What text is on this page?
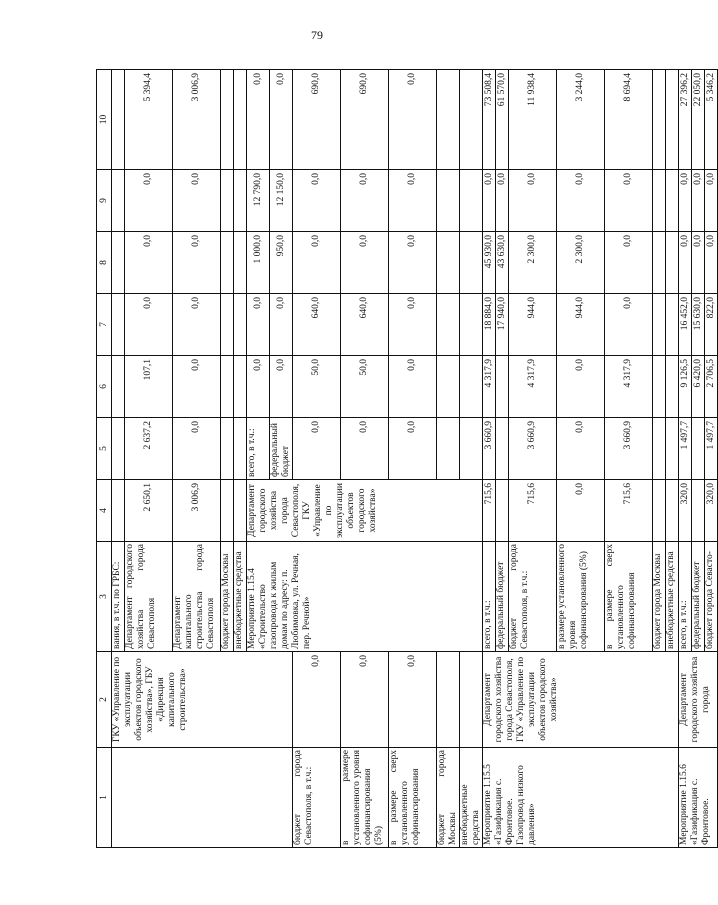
79
1	2	3	4	5	6	7	8	9	10	
	ГКУ «Управление по эксплуатации объектов городского хозяйства», ГБУ «Дирекция капитального строительства»	вания, в т.ч. по ГРБС:								
		Департамент городского хозяйства города Севастополя	2 650,1	2 637,2	107,1	0,0	0,0	0,0	5 394,4	
		Департамент капитального строительства города Севастополя	3 006,9	0,0	0,0	0,0	0,0	0,0	3 006,9	
		бюджет города Москвы								
		внебюджетные средства								
		Мероприятие 1.15.4 «Строительство газопровода к жилым домам по адресу: п. Любимовка, ул. Речная, пер. Речной»	Департамент городского хозяйства города Севастополя, ГКУ «Управление по эксплуатации объектов городского хозяйства»	всего, в т.ч.:	0,0	0,0	1 000,0	12 790,0	0,0		
				федеральный бюджет	0,0	0,0	950,0	12 150,0	0,0		
бюджет города Севастополя, в т.ч.:	0,0			0,0	50,0	640,0	0,0	0,0	690,0	
в размере установленного уровня софинансирования (5%)	0,0			0,0	50,0	640,0	0,0	0,0	690,0	
в размере сверх установленного софинансирования	0,0			0,0	0,0	0,0	0,0	0,0	0,0	
бюджет города Москвы										
внебюджетные средства										
Мероприятие 1.15.5 «Газификация с. Фронтовое. Газопровод низкого давления»	Департамент городского хозяйства города Севастополя, ГКУ «Управление по эксплуатации объектов городского хозяйства»	всего, в т.ч.:	715,6	3 660,9	4 317,9	18 884,0	45 930,0	0,0	73 508,4	
		федеральный бюджет				17 940,0	43 630,0	0,0	61 570,0	
		бюджет города Севастополя, в т.ч.:	715,6	3 660,9	4 317,9	944,0	2 300,0	0,0	11 938,4	
		в размере установленного уровня софинансирования (5%)	0,0	0,0	0,0	944,0	2 300,0	0,0	3 244,0	
		в размере сверх установленного софинансирования	715,6	3 660,9	4 317,9	0,0	0,0	0,0	8 694,4	
		бюджет города Москвы								
		внебюджетные средства								
Мероприятие 1.15.6 «Газификация с. Фронтовое.	Департамент городского хозяйства города	всего, в т.ч.:	320,0	1 497,7	9 126,5	16 452,0	0,0	0,0	27 396,2	
		федеральный бюджет			6 420,0	15 630,0	0,0	0,0	22 050,0	
		бюджет города Севасто-	320,0	1 497,7	2 706,5	822,0	0,0	0,0	5 346,2	
